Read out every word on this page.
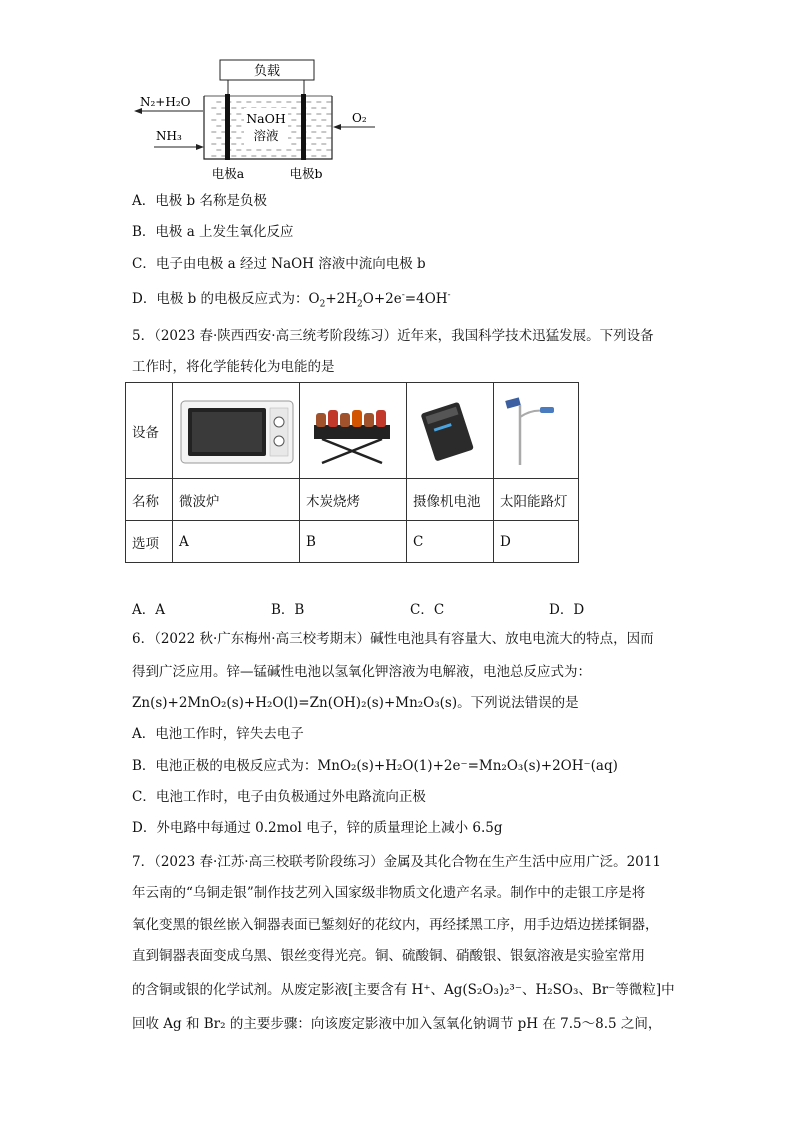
负载
NaOH
溶液
N₂+H₂O
NH₃
O₂
电极a	电极b
A．电极 b 名称是负极
B．电极 a 上发生氧化反应
C．电子由电极 a 经过 NaOH 溶液中流向电极 b
D．电极 b 的电极反应式为：$O_2+2H_2O+2e^-=4OH^-$
5．（2023 春·陕西西安·高三统考阶段练习）近年来，我国科学技术迅猛发展。下列设备
工作时，将化学能转化为电能的是
设备	

名称	微波炉	木炭烧烤	摄像机电池	太阳能路灯
选项	A	B	C	D
A．A	B．B	C．C	D．D
6．（2022 秋·广东梅州·高三校考期末）碱性电池具有容量大、放电电流大的特点，因而
得到广泛应用。锌—锰碱性电池以氢氧化钾溶液为电解液，电池总反应式为：
Zn(s)+2MnO₂(s)+H₂O(l)=Zn(OH)₂(s)+Mn₂O₃(s)。下列说法错误的是
A．电池工作时，锌失去电子
B．电池正极的电极反应式为：MnO₂(s)+H₂O(1)+2e⁻=Mn₂O₃(s)+2OH⁻(aq)
C．电池工作时，电子由负极通过外电路流向正极
D．外电路中每通过 0.2mol 电子，锌的质量理论上减小 6.5g
7．（2023 春·江苏·高三校联考阶段练习）金属及其化合物在生产生活中应用广泛。2011
年云南的“乌铜走银”制作技艺列入国家级非物质文化遗产名录。制作中的走银工序是将
氧化变黑的银丝嵌入铜器表面已錾刻好的花纹内，再经揉黑工序，用手边焐边搓揉铜器，
直到铜器表面变成乌黑、银丝变得光亮。铜、硫酸铜、硝酸银、银氨溶液是实验室常用
的含铜或银的化学试剂。从废定影液[主要含有 H⁺、Ag(S₂O₃)₂³⁻、H₂SO₃、Br⁻等微粒]中
回收 Ag 和 Br₂ 的主要步骤：向该废定影液中加入氢氧化钠调节 pH 在 7.5～8.5 之间，
